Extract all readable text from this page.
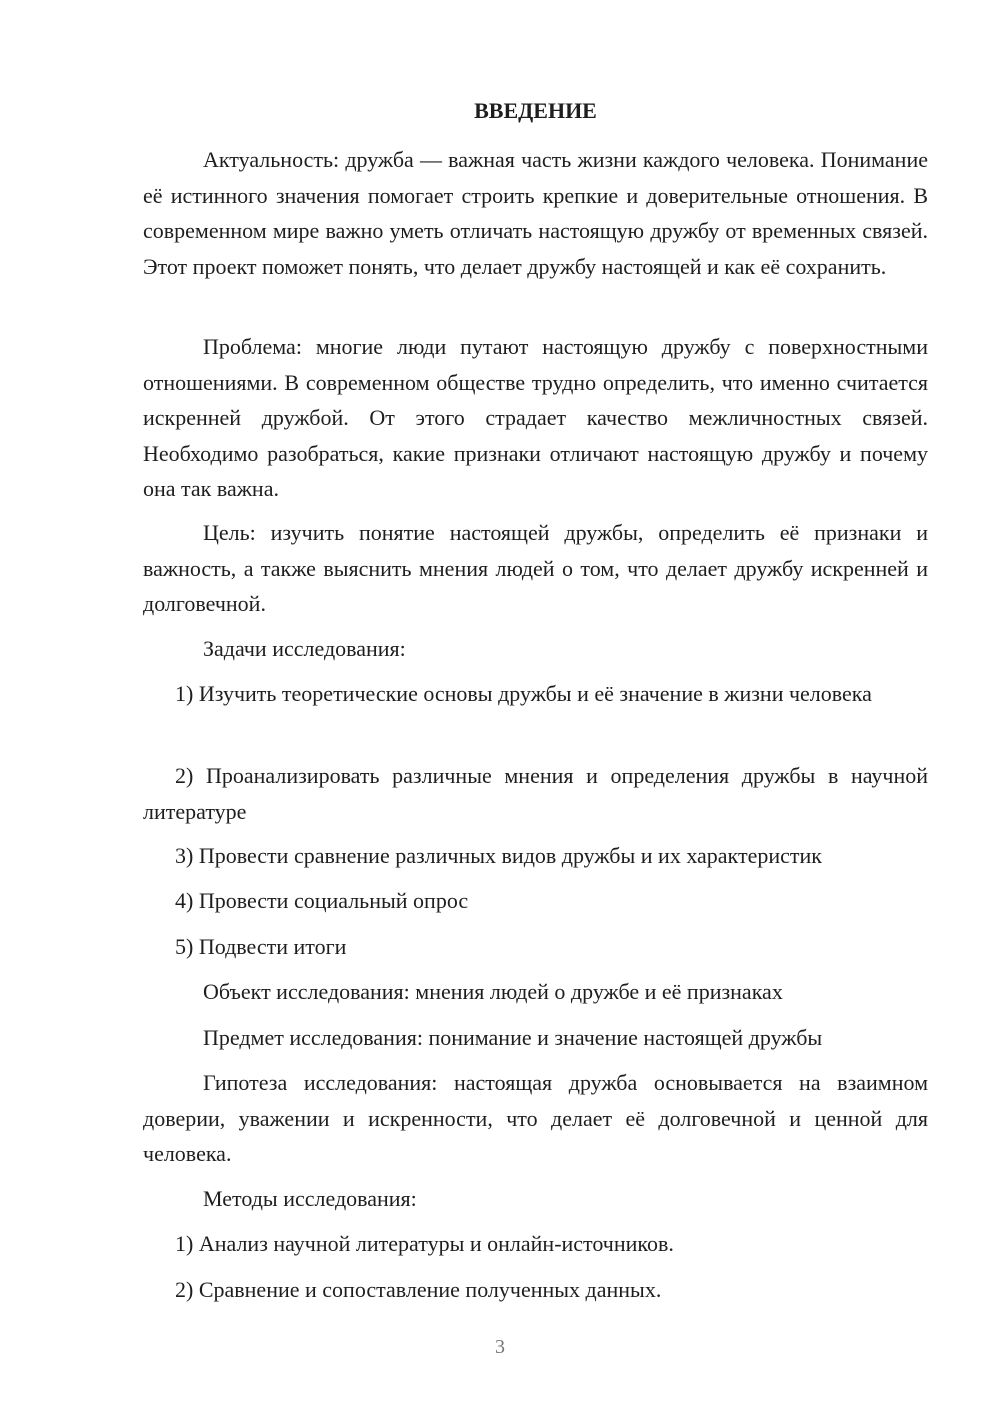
ВВЕДЕНИЕ

Актуальность: дружба — важная часть жизни каждого человека. Понимание её истинного значения помогает строить крепкие и доверительные отношения. В современном мире важно уметь отличать настоящую дружбу от временных связей. Этот проект поможет понять, что делает дружбу настоящей и как её сохранить.

Проблема: многие люди путают настоящую дружбу с поверхностными отношениями. В современном обществе трудно определить, что именно считается искренней дружбой. От этого страдает качество межличностных связей. Необходимо разобраться, какие признаки отличают настоящую дружбу и почему она так важна.

Цель: изучить понятие настоящей дружбы, определить её признаки и важность, а также выяснить мнения людей о том, что делает дружбу искренней и долговечной.

Задачи исследования:

1) Изучить теоретические основы дружбы и её значение в жизни человека

2) Проанализировать различные мнения и определения дружбы в научной литературе

3) Провести сравнение различных видов дружбы и их характеристик

4) Провести социальный опрос

5) Подвести итоги

Объект исследования: мнения людей о дружбе и её признаках

Предмет исследования: понимание и значение настоящей дружбы

Гипотеза исследования: настоящая дружба основывается на взаимном доверии, уважении и искренности, что делает её долговечной и ценной для человека.

Методы исследования:

1) Анализ научной литературы и онлайн-источников.

2) Сравнение и сопоставление полученных данных.

3
